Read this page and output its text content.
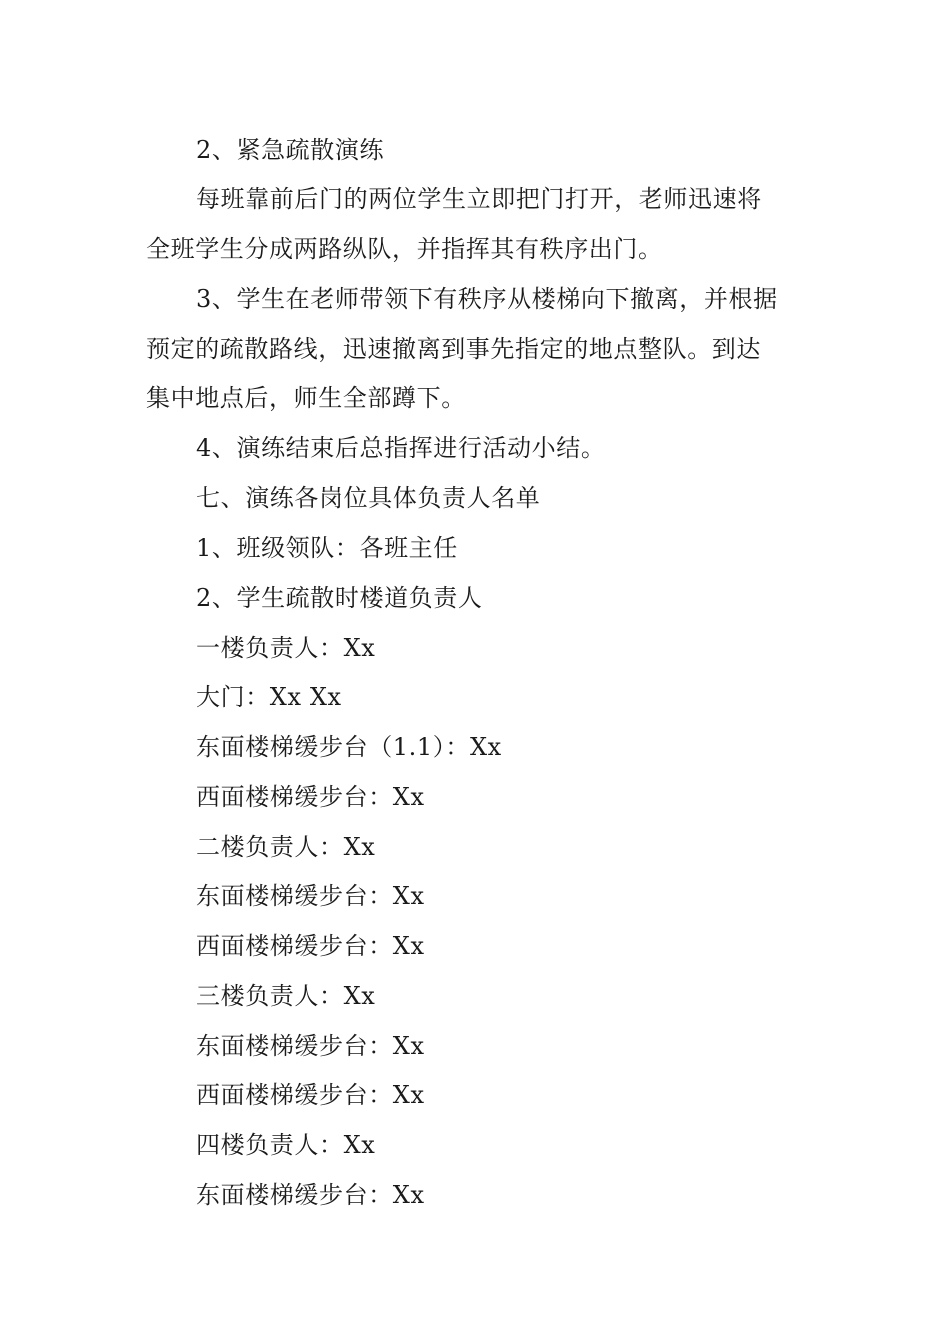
2、紧急疏散演练
每班靠前后门的两位学生立即把门打开，老师迅速将
全班学生分成两路纵队，并指挥其有秩序出门。
3、学生在老师带领下有秩序从楼梯向下撤离，并根据
预定的疏散路线，迅速撤离到事先指定的地点整队。到达
集中地点后，师生全部蹲下。
4、演练结束后总指挥进行活动小结。
七、演练各岗位具体负责人名单
1、班级领队：各班主任
2、学生疏散时楼道负责人
一楼负责人：Xx
大门：Xx Xx
东面楼梯缓步台（1.1）：Xx
西面楼梯缓步台：Xx
二楼负责人：Xx
东面楼梯缓步台：Xx
西面楼梯缓步台：Xx
三楼负责人：Xx
东面楼梯缓步台：Xx
西面楼梯缓步台：Xx
四楼负责人：Xx
东面楼梯缓步台：Xx
